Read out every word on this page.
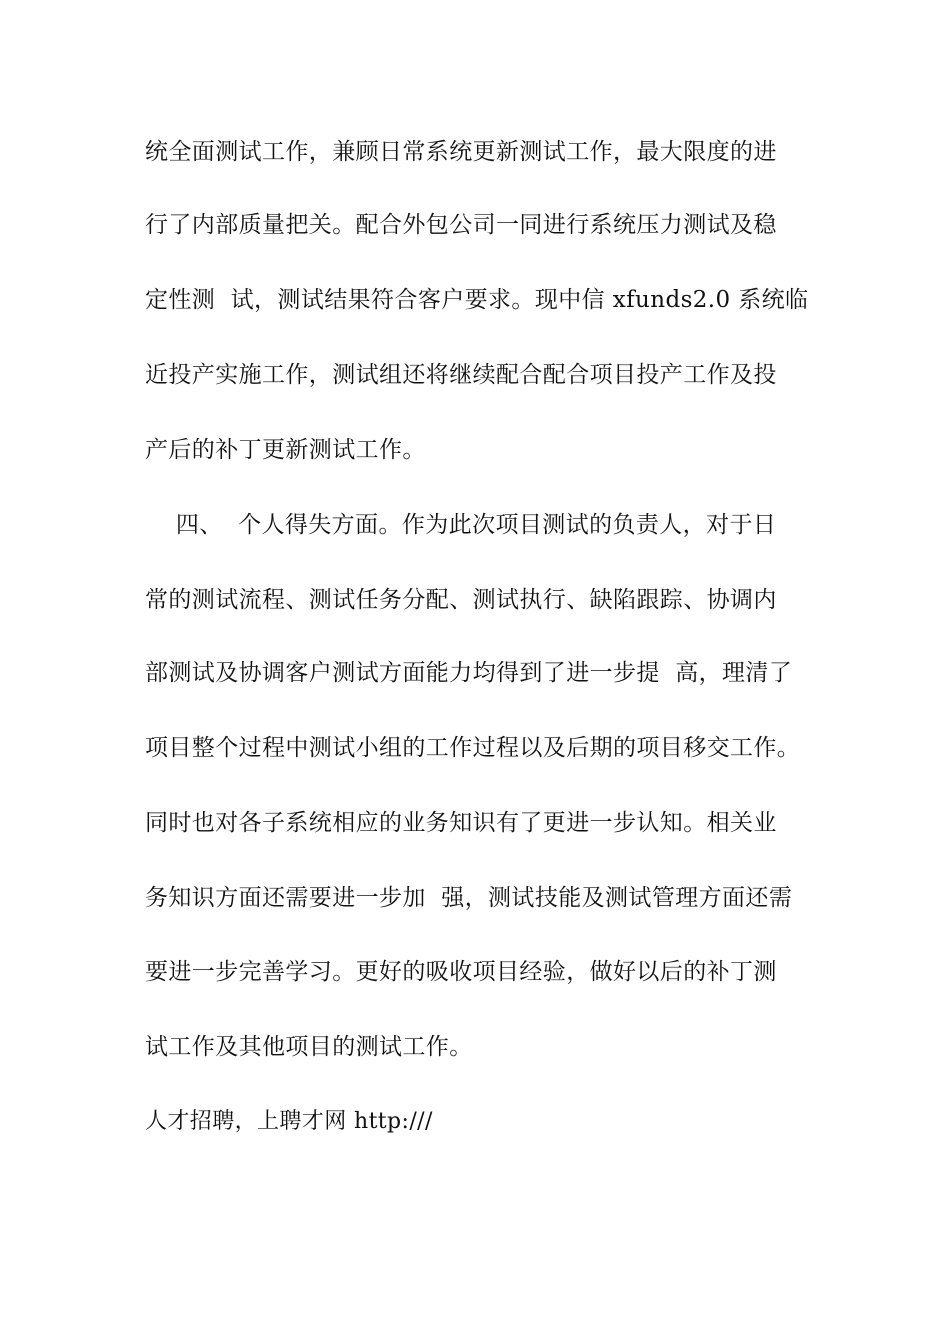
统全面测试工作，兼顾日常系统更新测试工作，最大限度的进
行了内部质量把关。配合外包公司一同进行系统压力测试及稳
定性测  试，测试结果符合客户要求。现中信 xfunds2.0 系统临
近投产实施工作，测试组还将继续配合配合项目投产工作及投
产后的补丁更新测试工作。
四、  个人得失方面。作为此次项目测试的负责人，对于日
常的测试流程、测试任务分配、测试执行、缺陷跟踪、协调内
部测试及协调客户测试方面能力均得到了进一步提  高，理清了
项目整个过程中测试小组的工作过程以及后期的项目移交工作。
同时也对各子系统相应的业务知识有了更进一步认知。相关业
务知识方面还需要进一步加  强，测试技能及测试管理方面还需
要进一步完善学习。更好的吸收项目经验，做好以后的补丁测
试工作及其他项目的测试工作。
人才招聘，上聘才网 http:///
